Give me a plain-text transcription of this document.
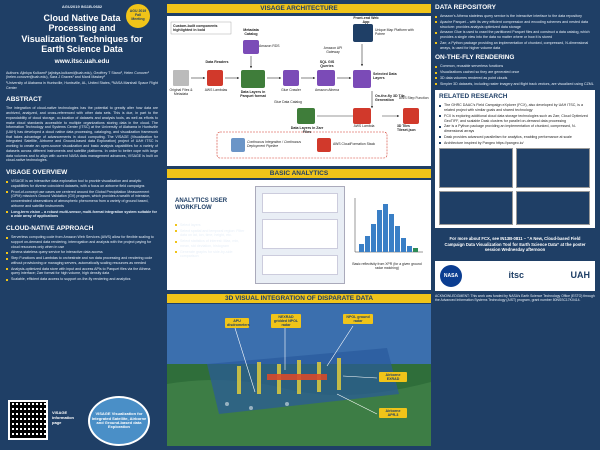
AGU2019 IN11B-0682
AGU 2019 Fall Meeting
Cloud Native Data Processing and Visualization Techniques for Earth Science Data
www.itsc.uah.edu
Authors: Ajinkya Kulkarni¹ (ajinkya.kulkarni@uah.edu), Geoffrey T Stano², Helen Conover¹ (helen.conover@uah.edu), Sara J Graves¹ and Manil Maskey²
¹University of Alabama in Huntsville, Huntsville, AL, United States, ²NASA Marshall Space Flight Center
ABSTRACT
The integration of cloud-native technologies has the potential to greatly alter how data are archived, analyzed, and cross-referenced with other data sets. This is due, in part to the expandability of cloud storage, co-location of datasets and analysis tools, as well as efforts to make cloud standards accessible to multiple organizations storing data in the cloud. The Information Technology and Systems Center (ITSC) at the University of Alabama in Huntsville (UAH) has developed a cloud native data processing, cataloging, and visualization framework that takes advantage of advancements in cloud computing. The VISAGE (Visualization for Integrated Satellite, Airborne and Ground-based data Exploration) project of UAH ITSC is working to create an open-source visualization and basic analysis capabilities for a variety of datasets across different instruments and satellite platforms. In order to better cope with large data volumes and to align with current NASA data management advances, VISAGE is built on cloud-native technologies.
VISAGE OVERVIEW
VISAGE is an interactive data exploration tool to provide visualization and analytic capabilities for diverse coincident datasets, with a focus on airborne field campaigns
Proof-of-concept use cases are centered around the Global Precipitation Measurement (GPM) mission’s Ground Validation (GV) program, which provides a wealth of intensive, concentrated observations of atmospheric phenomena from a variety of ground based, airborne and satellite instruments
Long-term vision – a robust multi-sensor, multi-format integration system suitable for a wide array of applications
CLOUD-NATIVE APPROACH
Serverless computing code from Amazon Web Services (AWS) allow for flexible scaling to support on-demand data rendering, interrogation and analysis with the project paying for cloud resources only when in use
Athena stateless query service for interactive data access
Step Functions and Lambdas to orchestrate and run data processing and rendering code without provisioning or managing servers, automatically scaling resources as needed
Analysis-optimized data store with input and access APIs to Parquet files via the Athena query interface; Zarr format for high volume, high density data
Scalable, efficient data access to support on-the-fly rendering and analytics
VISAGE information page
VISAGE Visualization for Integrated Satellite, Airborne and Ground-based data Exploration
VISAGE ARCHITECTURE
Custom-built components highlighted in bold
Original Files & Metadata
Data Readers
AWS Lambdas	Data Layers in Parquet format
Metadata Catalog
Amazon RDS
Glue Crawler
Glue Data Catalog
SQL GIS Queries
Amazon Athena
Amazon API Gateway
Selected Data Layers
Front-end Web App
Unique Map Platform with Potree
Data Layers in Zarr Files
On-the-fly 3D Tile Generation
AWS Step Function
3D Tiles Tileset.json
AWS Lambda
Continuous Integration / Continuous Deployment Pipeline
AWS CloudFormation Stack
BASIC ANALYTICS
ANALYTICS USER WORKFLOW
Select layers
Select spatial and temporal region: Filter data on lat, lon, time, height, etc.
Select statistics of interest: Max, min, mean, std deviation, histogram
Generate graphs for side-by-side comparison
Basic reflectivity from XPR (for a given ground radar matching)
3D VISUAL INTEGRATION OF DISPARATE DATA
APU disdrometers
NEXRAD gridded NPOL radar
NPOL ground radar
Airborne EXRAD
Airborne APR-3
DATA REPOSITORY
Amazon’s Athena stateless query service is the interactive interface to the data repository
Apache Parquet – with its very efficient compression and encoding schemes and nested data structure: provides analysis optimized data storage
Amazon Glue is used to crawl the partitioned Parquet files and construct a data catalog, which provides a single view into the data no matter where or how it is stored
Zarr, a Python package providing an implementation of chunked, compressed, N-dimensional arrays, is used for higher volume data
ON-THE-FLY RENDERING
Common, reusable serverless functions
Visualizations cached so they are generated once
3D data volumes rendered as point clouds
Simpler 3D datasets, including raster imagery and flight track vectors, are visualized using CZML
RELATED RESEARCH
The GHRC DAAC’s Field Campaign eXplorer (FCX), also developed by UAH ITSC, is a related project with similar goals and shared technology
FCX is exploring additional cloud data storage technologies such as Zarr, Cloud Optimized GeoTIFF, and scalable Dask clusters for parallel on-demand data processing
Zarr is a Python package providing an implementation of chunked, compressed, N-dimensional arrays
Dask provides advanced parallelism for analytics, enabling performance at scale
Architecture inspired by Pangeo https://pangeo.io/
For more about FCX, see IN13B-0811 – “A New, Cloud-based Field Campaign Data Visualization Tool for Earth Science Data” at the poster session Wednesday afternoon
NASA	itsc	UAH
ACKNOWLEDGMENT: This work was funded by NASA’s Earth Science Technology Office (ESTO) through the Advanced Information Systems Technology (AIST) program, grant number 80NSSC17K0414.
